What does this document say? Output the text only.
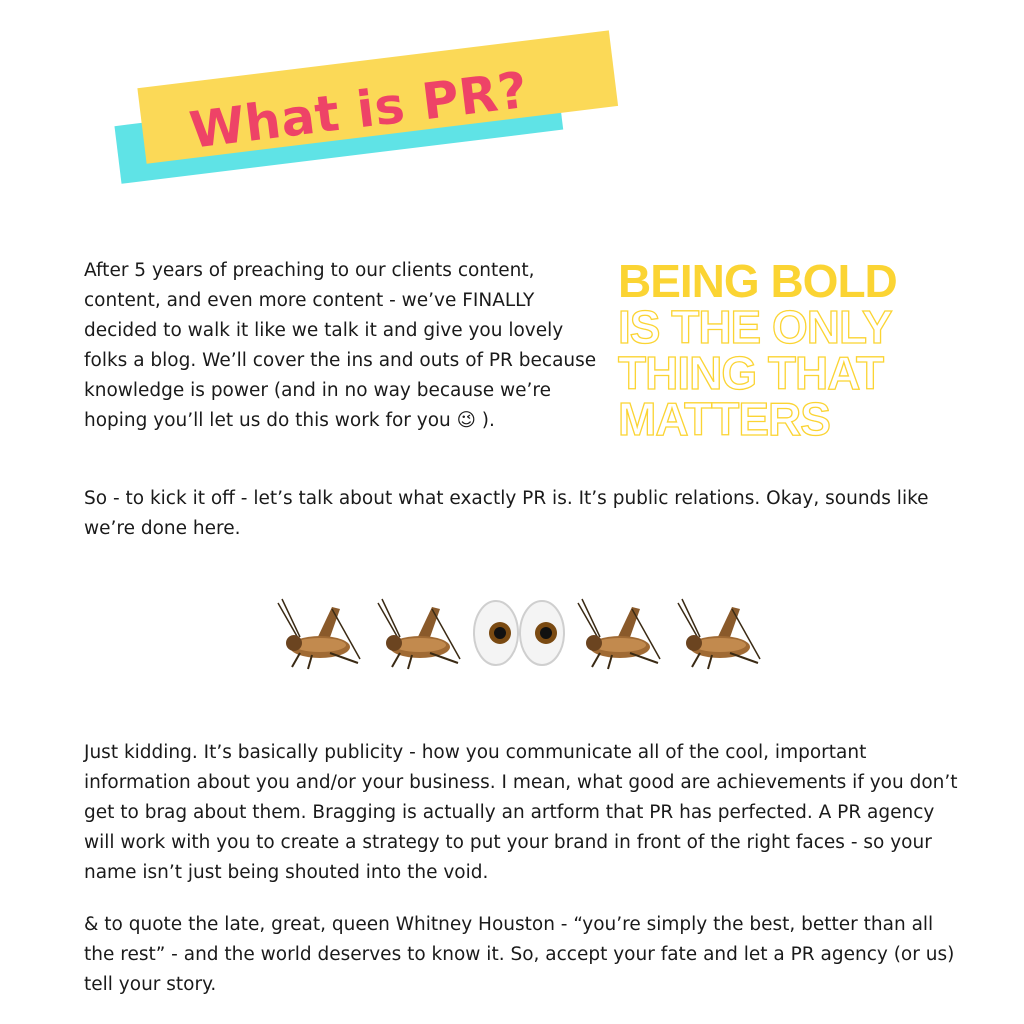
What is PR?

After 5 years of preaching to our clients content, content, and even more content - we’ve FINALLY decided to walk it like we talk it and give you lovely folks a blog. We’ll cover the ins and outs of PR because knowledge is power (and in no way because we’re hoping you’ll let us do this work for you 😉 ).

BEING BOLD
IS THE ONLY
THING THAT
MATTERS

So - to kick it off - let’s talk about what exactly PR is. It’s public relations. Okay, sounds like we’re done here.

Just kidding. It’s basically publicity - how you communicate all of the cool, important information about you and/or your business. I mean, what good are achievements if you don’t get to brag about them. Bragging is actually an artform that PR has perfected. A PR agency will work with you to create a strategy to put your brand in front of the right faces - so your name isn’t just being shouted into the void.

& to quote the late, great, queen Whitney Houston - “you’re simply the best, better than all the rest” - and the world deserves to know it. So, accept your fate and let a PR agency (or us) tell your story.
